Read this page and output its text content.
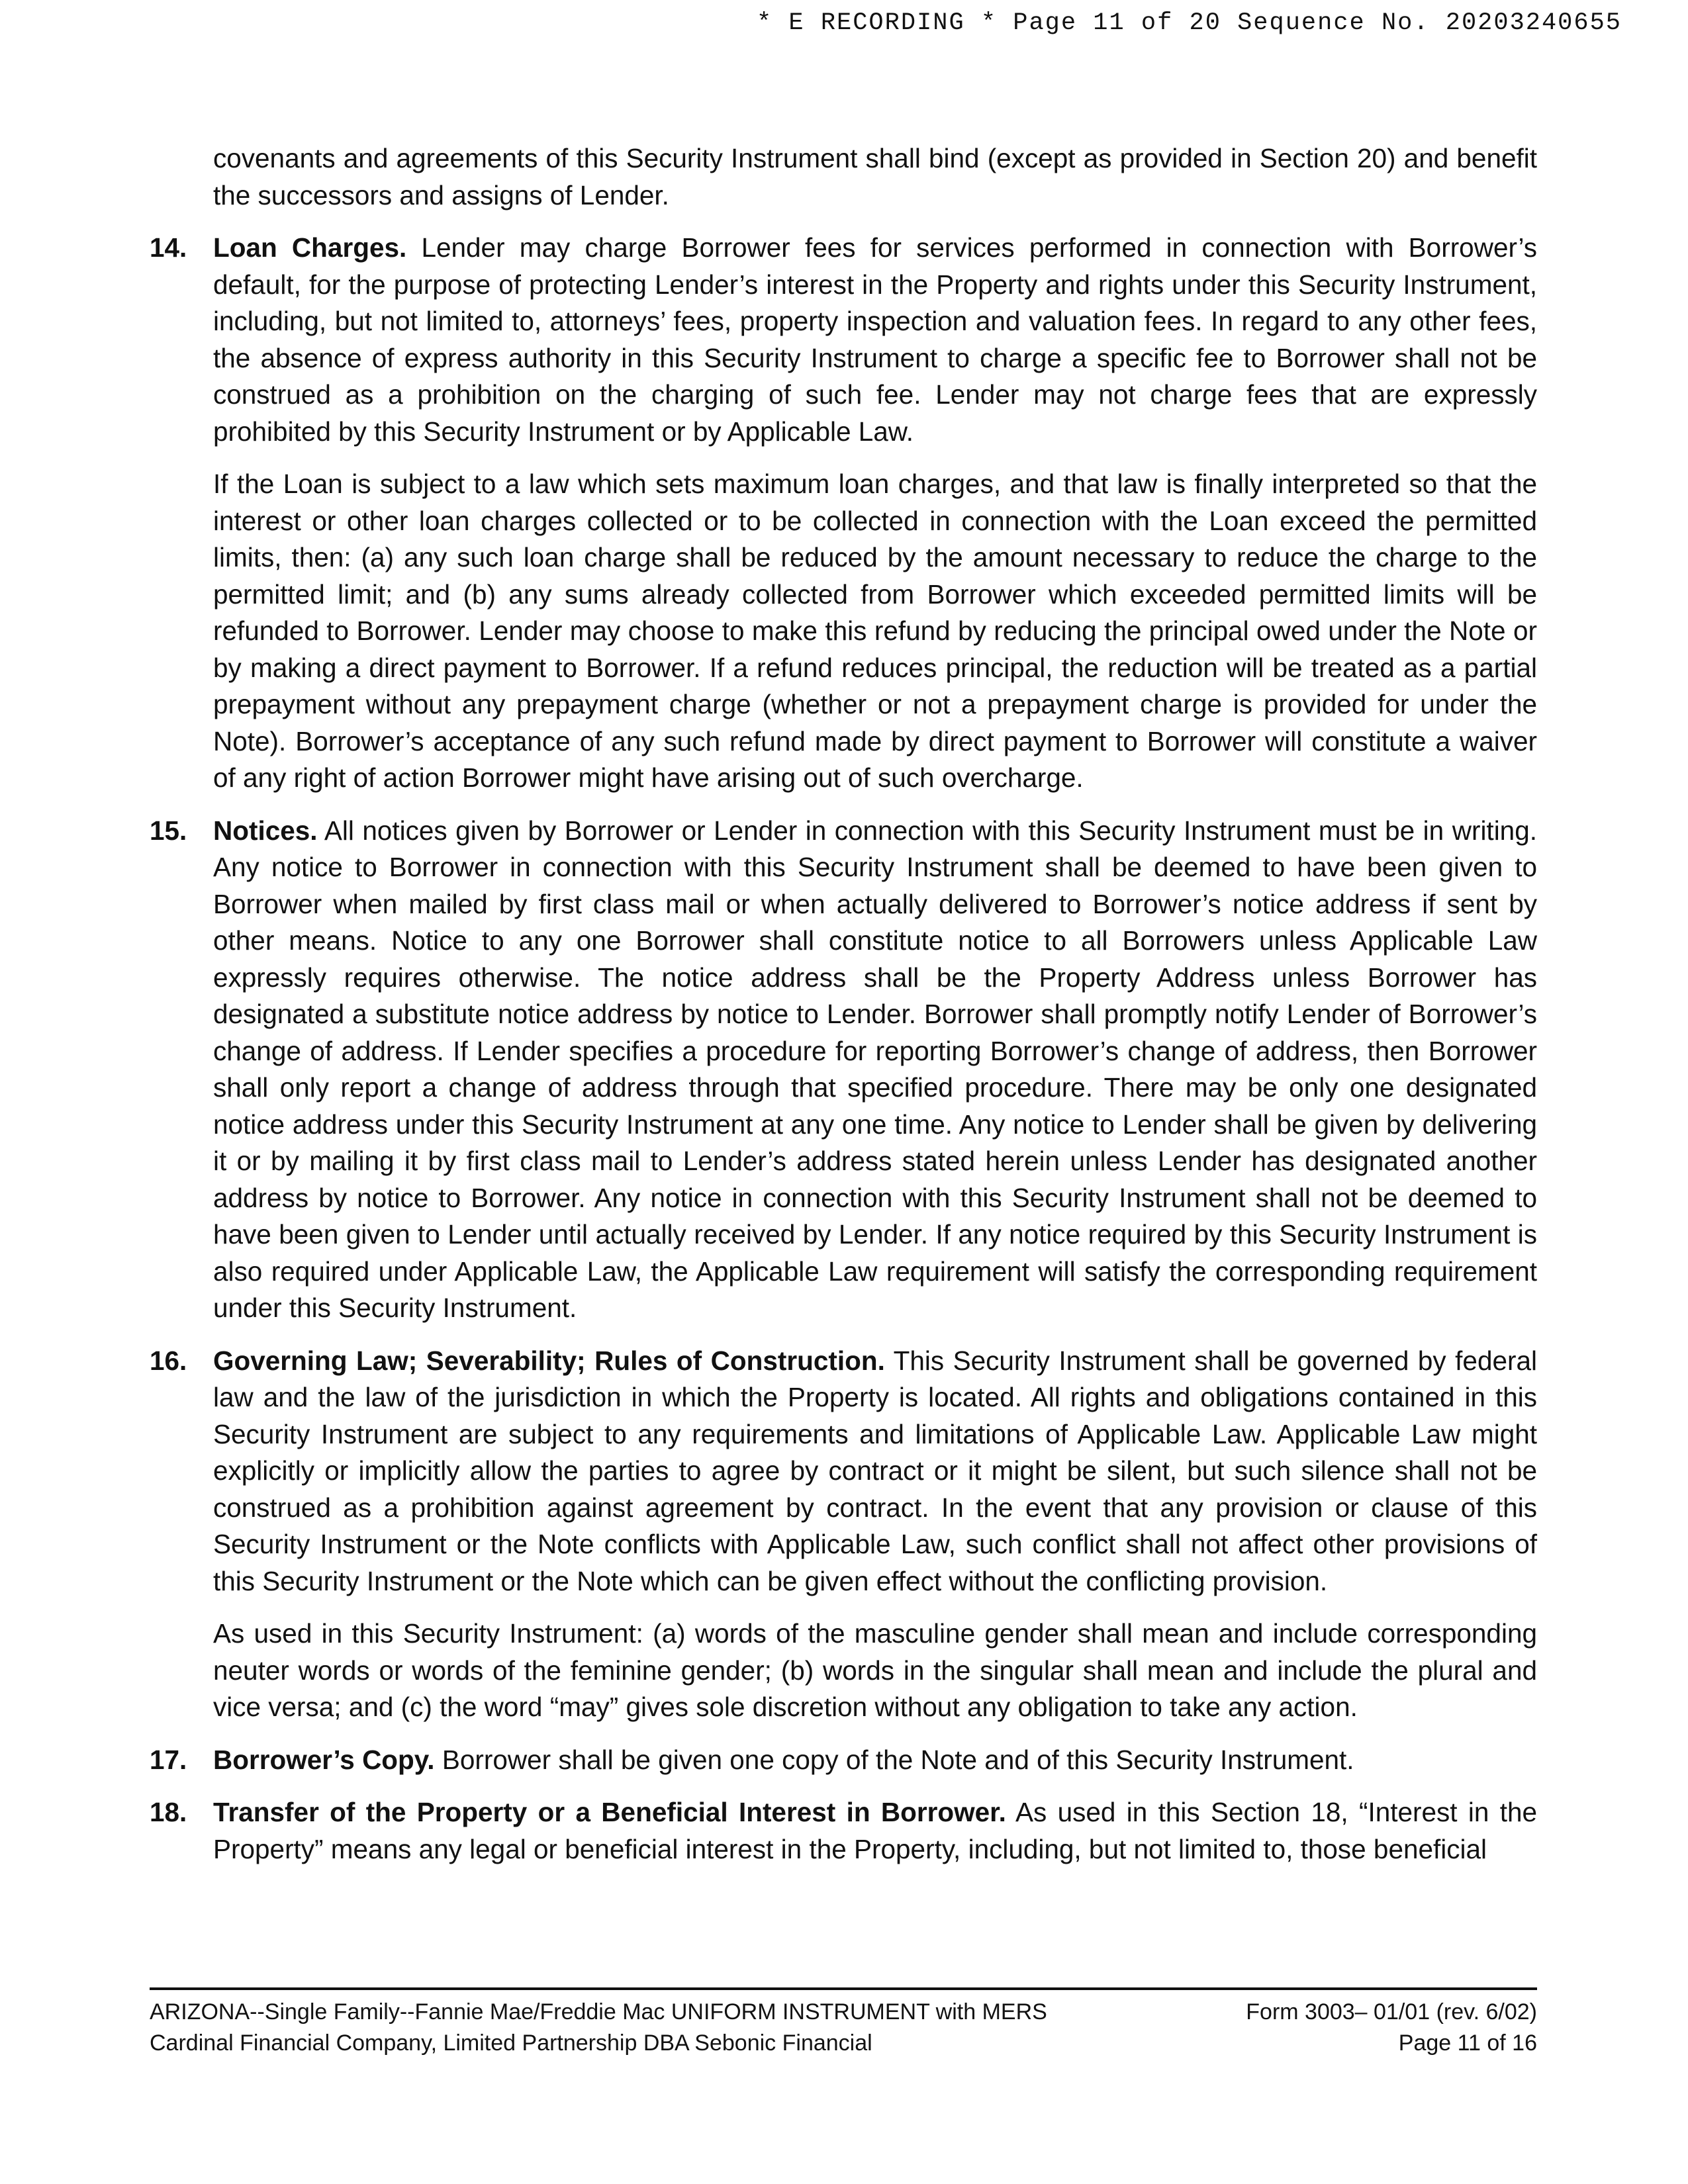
* E RECORDING * Page 11 of 20 Sequence No. 20203240655

covenants and agreements of this Security Instrument shall bind (except as provided in Section 20) and benefit the successors and assigns of Lender.

14. Loan Charges. Lender may charge Borrower fees for services performed in connection with Borrower’s default, for the purpose of protecting Lender’s interest in the Property and rights under this Security Instrument, including, but not limited to, attorneys’ fees, property inspection and valuation fees. In regard to any other fees, the absence of express authority in this Security Instrument to charge a specific fee to Borrower shall not be construed as a prohibition on the charging of such fee. Lender may not charge fees that are expressly prohibited by this Security Instrument or by Applicable Law.

If the Loan is subject to a law which sets maximum loan charges, and that law is finally interpreted so that the interest or other loan charges collected or to be collected in connection with the Loan exceed the permitted limits, then: (a) any such loan charge shall be reduced by the amount necessary to reduce the charge to the permitted limit; and (b) any sums already collected from Borrower which exceeded permitted limits will be refunded to Borrower. Lender may choose to make this refund by reducing the principal owed under the Note or by making a direct payment to Borrower. If a refund reduces principal, the reduction will be treated as a partial prepayment without any prepayment charge (whether or not a prepayment charge is provided for under the Note). Borrower’s acceptance of any such refund made by direct payment to Borrower will constitute a waiver of any right of action Borrower might have arising out of such overcharge.

15. Notices. All notices given by Borrower or Lender in connection with this Security Instrument must be in writing. Any notice to Borrower in connection with this Security Instrument shall be deemed to have been given to Borrower when mailed by first class mail or when actually delivered to Borrower’s notice address if sent by other means. Notice to any one Borrower shall constitute notice to all Borrowers unless Applicable Law expressly requires otherwise. The notice address shall be the Property Address unless Borrower has designated a substitute notice address by notice to Lender. Borrower shall promptly notify Lender of Borrower’s change of address. If Lender specifies a procedure for reporting Borrower’s change of address, then Borrower shall only report a change of address through that specified procedure. There may be only one designated notice address under this Security Instrument at any one time. Any notice to Lender shall be given by delivering it or by mailing it by first class mail to Lender’s address stated herein unless Lender has designated another address by notice to Borrower. Any notice in connection with this Security Instrument shall not be deemed to have been given to Lender until actually received by Lender. If any notice required by this Security Instrument is also required under Applicable Law, the Applicable Law requirement will satisfy the corresponding requirement under this Security Instrument.
16. Governing Law; Severability; Rules of Construction. This Security Instrument shall be governed by federal law and the law of the jurisdiction in which the Property is located. All rights and obligations contained in this Security Instrument are subject to any requirements and limitations of Applicable Law. Applicable Law might explicitly or implicitly allow the parties to agree by contract or it might be silent, but such silence shall not be construed as a prohibition against agreement by contract. In the event that any provision or clause of this Security Instrument or the Note conflicts with Applicable Law, such conflict shall not affect other provisions of this Security Instrument or the Note which can be given effect without the conflicting provision.

As used in this Security Instrument: (a) words of the masculine gender shall mean and include corresponding neuter words or words of the feminine gender; (b) words in the singular shall mean and include the plural and vice versa; and (c) the word “may” gives sole discretion without any obligation to take any action.

17. Borrower’s Copy. Borrower shall be given one copy of the Note and of this Security Instrument.
18. Transfer of the Property or a Beneficial Interest in Borrower. As used in this Section 18, “Interest in the Property” means any legal or beneficial interest in the Property, including, but not limited to, those beneficial
ARIZONA--Single Family--Fannie Mae/Freddie Mac UNIFORM INSTRUMENT with MERS	Form 3003– 01/01 (rev. 6/02)
Cardinal Financial Company, Limited Partnership DBA Sebonic Financial	Page 11 of 16
